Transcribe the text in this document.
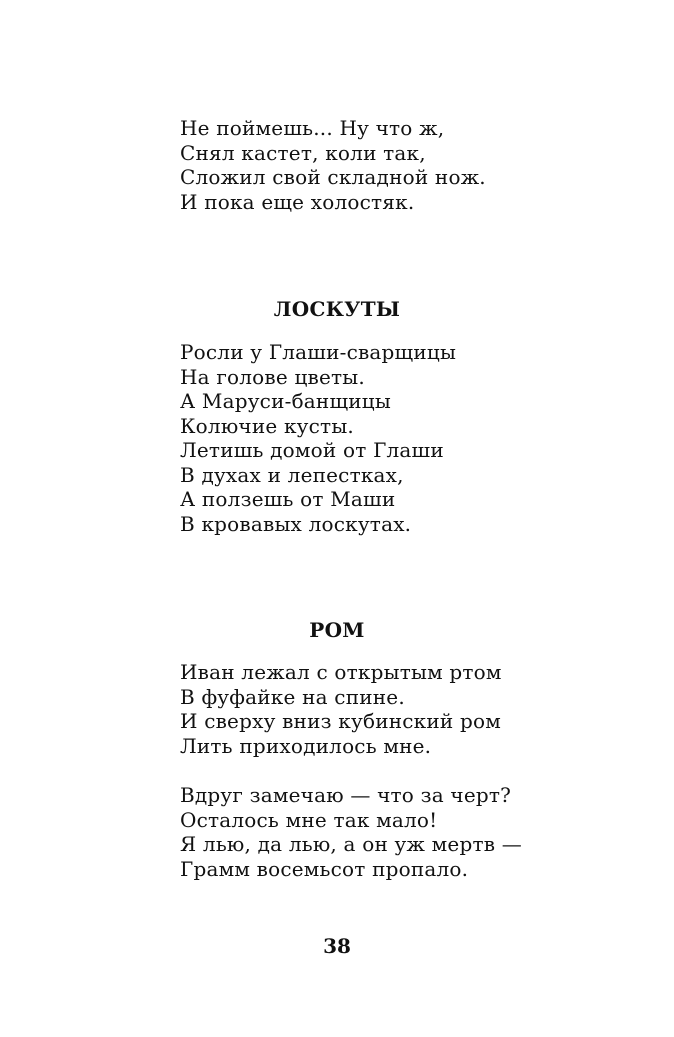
Не поймешь... Ну что ж,
Снял кастет, коли так,
Сложил свой складной нож.
И пока еще холостяк.
ЛОСКУТЫ
Росли у Глаши-сварщицы
На голове цветы.
А Маруси-банщицы
Колючие кусты.
Летишь домой от Глаши
В духах и лепестках,
А ползешь от Маши
В кровавых лоскутах.
РОМ
Иван лежал с открытым ртом
В фуфайке на спине.
И сверху вниз кубинский ром
Лить приходилось мне.
Вдруг замечаю — что за черт?
Осталось мне так мало!
Я лью, да лью, а он уж мертв —
Грамм восемьсот пропало.
38
